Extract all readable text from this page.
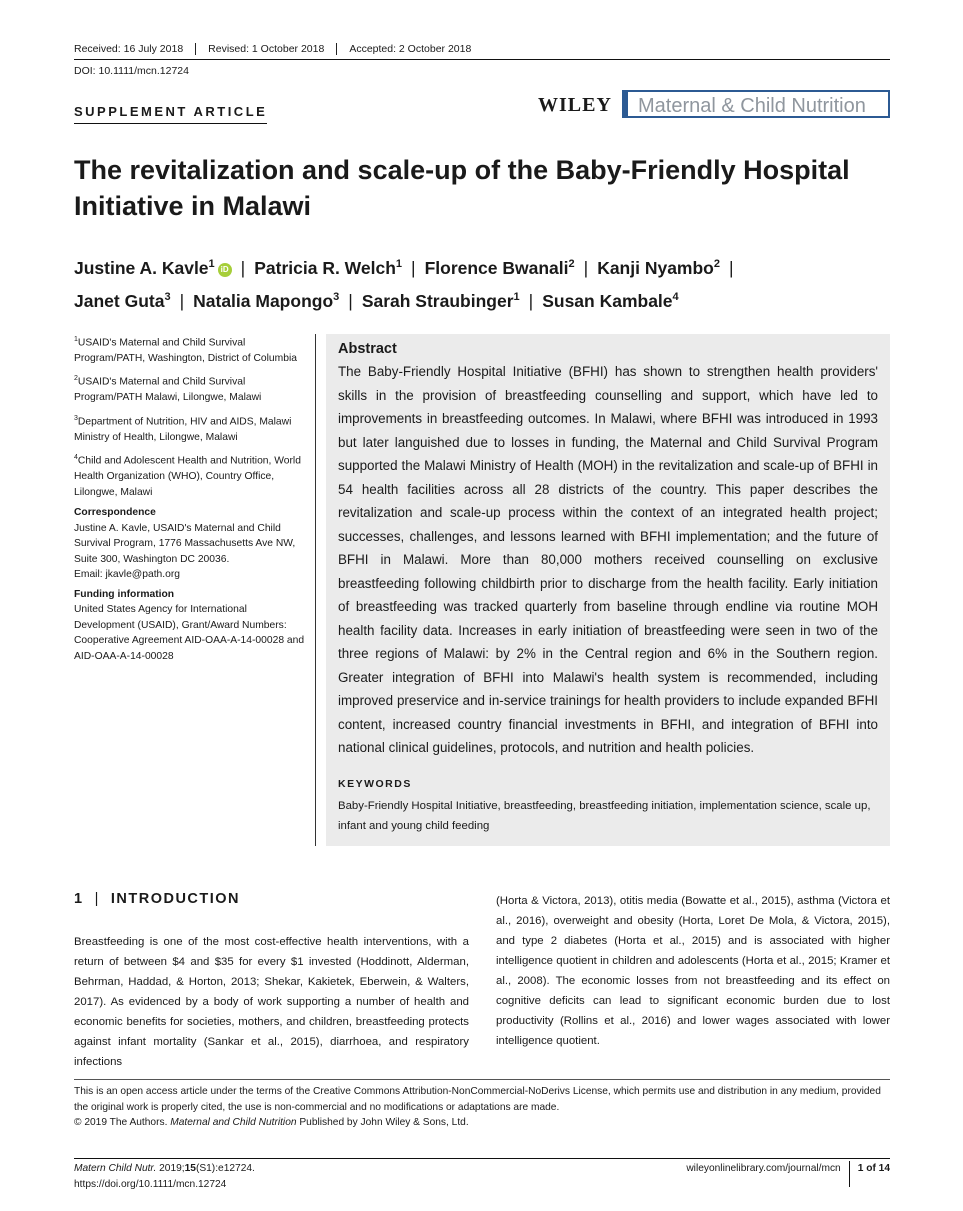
Received: 16 July 2018	Revised: 1 October 2018	Accepted: 2 October 2018
DOI: 10.1111/mcn.12724
SUPPLEMENT ARTICLE	WILEY	Maternal & Child Nutrition
The revitalization and scale-up of the Baby-Friendly Hospital Initiative in Malawi
Justine A. Kavle$^1$ iD | Patricia R. Welch$^1$ | Florence Bwanali$^2$ | Kanji Nyambo$^2$ |
Janet Guta$^3$ | Natalia Mapongo$^3$ | Sarah Straubinger$^1$ | Susan Kambale$^4$
$^1$USAID's Maternal and Child Survival Program/PATH, Washington, District of Columbia
$^2$USAID's Maternal and Child Survival Program/PATH Malawi, Lilongwe, Malawi
$^3$Department of Nutrition, HIV and AIDS, Malawi Ministry of Health, Lilongwe, Malawi
$^4$Child and Adolescent Health and Nutrition, World Health Organization (WHO), Country Office, Lilongwe, Malawi
Correspondence
Justine A. Kavle, USAID's Maternal and Child Survival Program, 1776 Massachusetts Ave NW, Suite 300, Washington DC 20036.
Email: jkavle@path.org
Funding information
United States Agency for International Development (USAID), Grant/Award Numbers: Cooperative Agreement AID-OAA-A-14-00028 and AID-OAA-A-14-00028
Abstract

The Baby-Friendly Hospital Initiative (BFHI) has shown to strengthen health providers' skills in the provision of breastfeeding counselling and support, which have led to improvements in breastfeeding outcomes. In Malawi, where BFHI was introduced in 1993 but later languished due to losses in funding, the Maternal and Child Survival Program supported the Malawi Ministry of Health (MOH) in the revitalization and scale-up of BFHI in 54 health facilities across all 28 districts of the country. This paper describes the revitalization and scale-up process within the context of an integrated health project; successes, challenges, and lessons learned with BFHI implementation; and the future of BFHI in Malawi. More than 80,000 mothers received counselling on exclusive breastfeeding following childbirth prior to discharge from the health facility. Early initiation of breastfeeding was tracked quarterly from baseline through endline via routine MOH health facility data. Increases in early initiation of breastfeeding were seen in two of the three regions of Malawi: by 2% in the Central region and 6% in the Southern region. Greater integration of BFHI into Malawi's health system is recommended, including improved preservice and in-service trainings for health providers to include expanded BFHI content, increased country financial investments in BFHI, and integration of BFHI into national clinical guidelines, protocols, and nutrition and health policies.

KEYWORDS
Baby-Friendly Hospital Initiative, breastfeeding, breastfeeding initiation, implementation science, scale up, infant and young child feeding
1 | INTRODUCTION
Breastfeeding is one of the most cost-effective health interventions, with a return of between $4 and $35 for every $1 invested (Hoddinott, Alderman, Behrman, Haddad, & Horton, 2013; Shekar, Kakietek, Eberwein, & Walters, 2017). As evidenced by a body of work supporting a number of health and economic benefits for societies, mothers, and children, breastfeeding protects against infant mortality (Sankar et al., 2015), diarrhoea, and respiratory infections
(Horta & Victora, 2013), otitis media (Bowatte et al., 2015), asthma (Victora et al., 2016), overweight and obesity (Horta, Loret De Mola, & Victora, 2015), and type 2 diabetes (Horta et al., 2015) and is associated with higher intelligence quotient in children and adolescents (Horta et al., 2015; Kramer et al., 2008). The economic losses from not breastfeeding and its effect on cognitive deficits can lead to significant economic burden due to lost productivity (Rollins et al., 2016) and lower wages associated with lower intelligence quotient.
This is an open access article under the terms of the Creative Commons Attribution-NonCommercial-NoDerivs License, which permits use and distribution in any medium, provided the original work is properly cited, the use is non-commercial and no modifications or adaptations are made.
© 2019 The Authors. Maternal and Child Nutrition Published by John Wiley & Sons, Ltd.
Matern Child Nutr. 2019;15(S1):e12724.
https://doi.org/10.1111/mcn.12724
wileyonlinelibrary.com/journal/mcn	1 of 14
